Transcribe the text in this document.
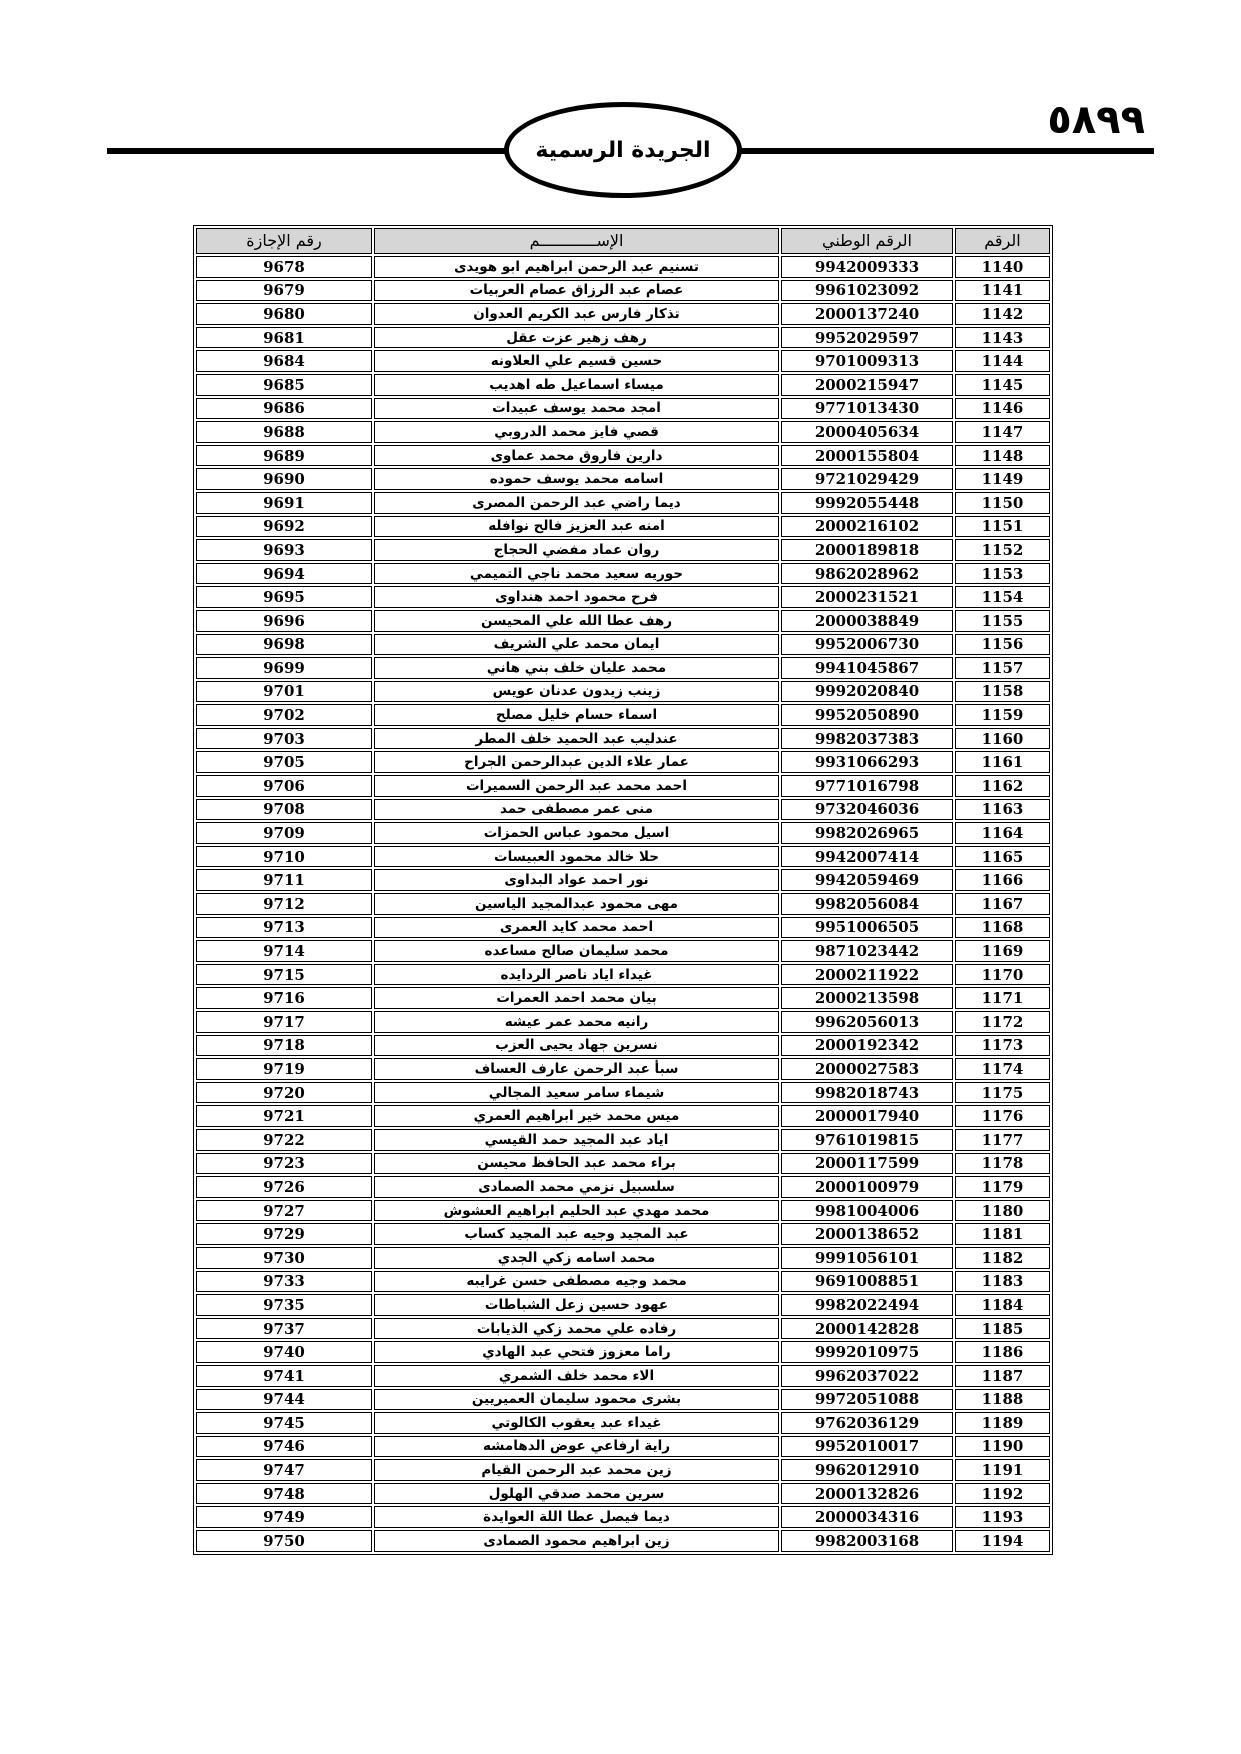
٥٨٩٩
الجريدة الرسمية
الرقم	الرقم الوطني	الإســــــــــــم	رقم الإجازة
1140	9942009333	تسنيم عبد الرحمن ابراهيم ابو هويدى	9678
1141	9961023092	عصام عبد الرزاق عصام العربيات	9679
1142	2000137240	تذكار فارس عبد الكريم العدوان	9680
1143	9952029597	رهف زهير عزت عقل	9681
1144	9701009313	حسين قسيم علي العلاونه	9684
1145	2000215947	ميساء اسماعيل طه اهديب	9685
1146	9771013430	امجد محمد يوسف عبيدات	9686
1147	2000405634	قصي فايز محمد الدروبي	9688
1148	2000155804	دارين فاروق محمد عماوى	9689
1149	9721029429	اسامه محمد يوسف حموده	9690
1150	9992055448	ديما راضي عبد الرحمن المصرى	9691
1151	2000216102	امنه عبد العزيز فالح نوافله	9692
1152	2000189818	روان عماد مفضي الحجاج	9693
1153	9862028962	حوريه سعيد محمد ناجي التميمي	9694
1154	2000231521	فرح محمود احمد هنداوى	9695
1155	2000038849	رهف عطا الله علي المحيسن	9696
1156	9952006730	ايمان محمد علي الشريف	9698
1157	9941045867	محمد عليان خلف بني هاني	9699
1158	9992020840	زينب زيدون عدنان عويس	9701
1159	9952050890	اسماء حسام خليل مصلح	9702
1160	9982037383	عندليب عبد الحميد خلف المطر	9703
1161	9931066293	عمار علاء الدين عبدالرحمن الجراح	9705
1162	9771016798	احمد محمد عبد الرحمن السميرات	9706
1163	9732046036	منى عمر مصطفى حمد	9708
1164	9982026965	اسيل محمود عباس الحمزات	9709
1165	9942007414	حلا خالد محمود العبيسات	9710
1166	9942059469	نور احمد عواد البداوى	9711
1167	9982056084	مهى محمود عبدالمجيد الياسين	9712
1168	9951006505	احمد محمد كايد العمرى	9713
1169	9871023442	محمد سليمان صالح مساعده	9714
1170	2000211922	غيداء اياد ناصر الردايده	9715
1171	2000213598	بيان محمد احمد العمرات	9716
1172	9962056013	رانيه محمد عمر عيشه	9717
1173	2000192342	نسرين جهاد يحيى العزب	9718
1174	2000027583	سبأ عبد الرحمن عارف العساف	9719
1175	9982018743	شيماء سامر سعيد المجالي	9720
1176	2000017940	ميس محمد خير ابراهيم العمري	9721
1177	9761019815	اياد عبد المجيد حمد القيسي	9722
1178	2000117599	براء محمد عبد الحافظ محيسن	9723
1179	2000100979	سلسبيل نزمي محمد الصمادى	9726
1180	9981004006	محمد مهدي عبد الحليم ابراهيم العشوش	9727
1181	2000138652	عبد المجيد وجيه عبد المجيد كساب	9729
1182	9991056101	محمد اسامه زكي الجدي	9730
1183	9691008851	محمد وجيه مصطفى حسن غرايبه	9733
1184	9982022494	عهود حسين زعل الشباطات	9735
1185	2000142828	رفاده علي محمد زكي الذيابات	9737
1186	9992010975	راما معزوز فتحي عبد الهادي	9740
1187	9962037022	الاء محمد خلف الشمري	9741
1188	9972051088	بشرى محمود سليمان العميريين	9744
1189	9762036129	غيداء عبد يعقوب الكالوتي	9745
1190	9952010017	راية ارفاعي عوض الدهامشه	9746
1191	9962012910	زين محمد عبد الرحمن القيام	9747
1192	2000132826	سرين محمد صدقي الهلول	9748
1193	2000034316	ديما فيصل عطا اللة العوايدة	9749
1194	9982003168	زين ابراهيم محمود الصمادى	9750
